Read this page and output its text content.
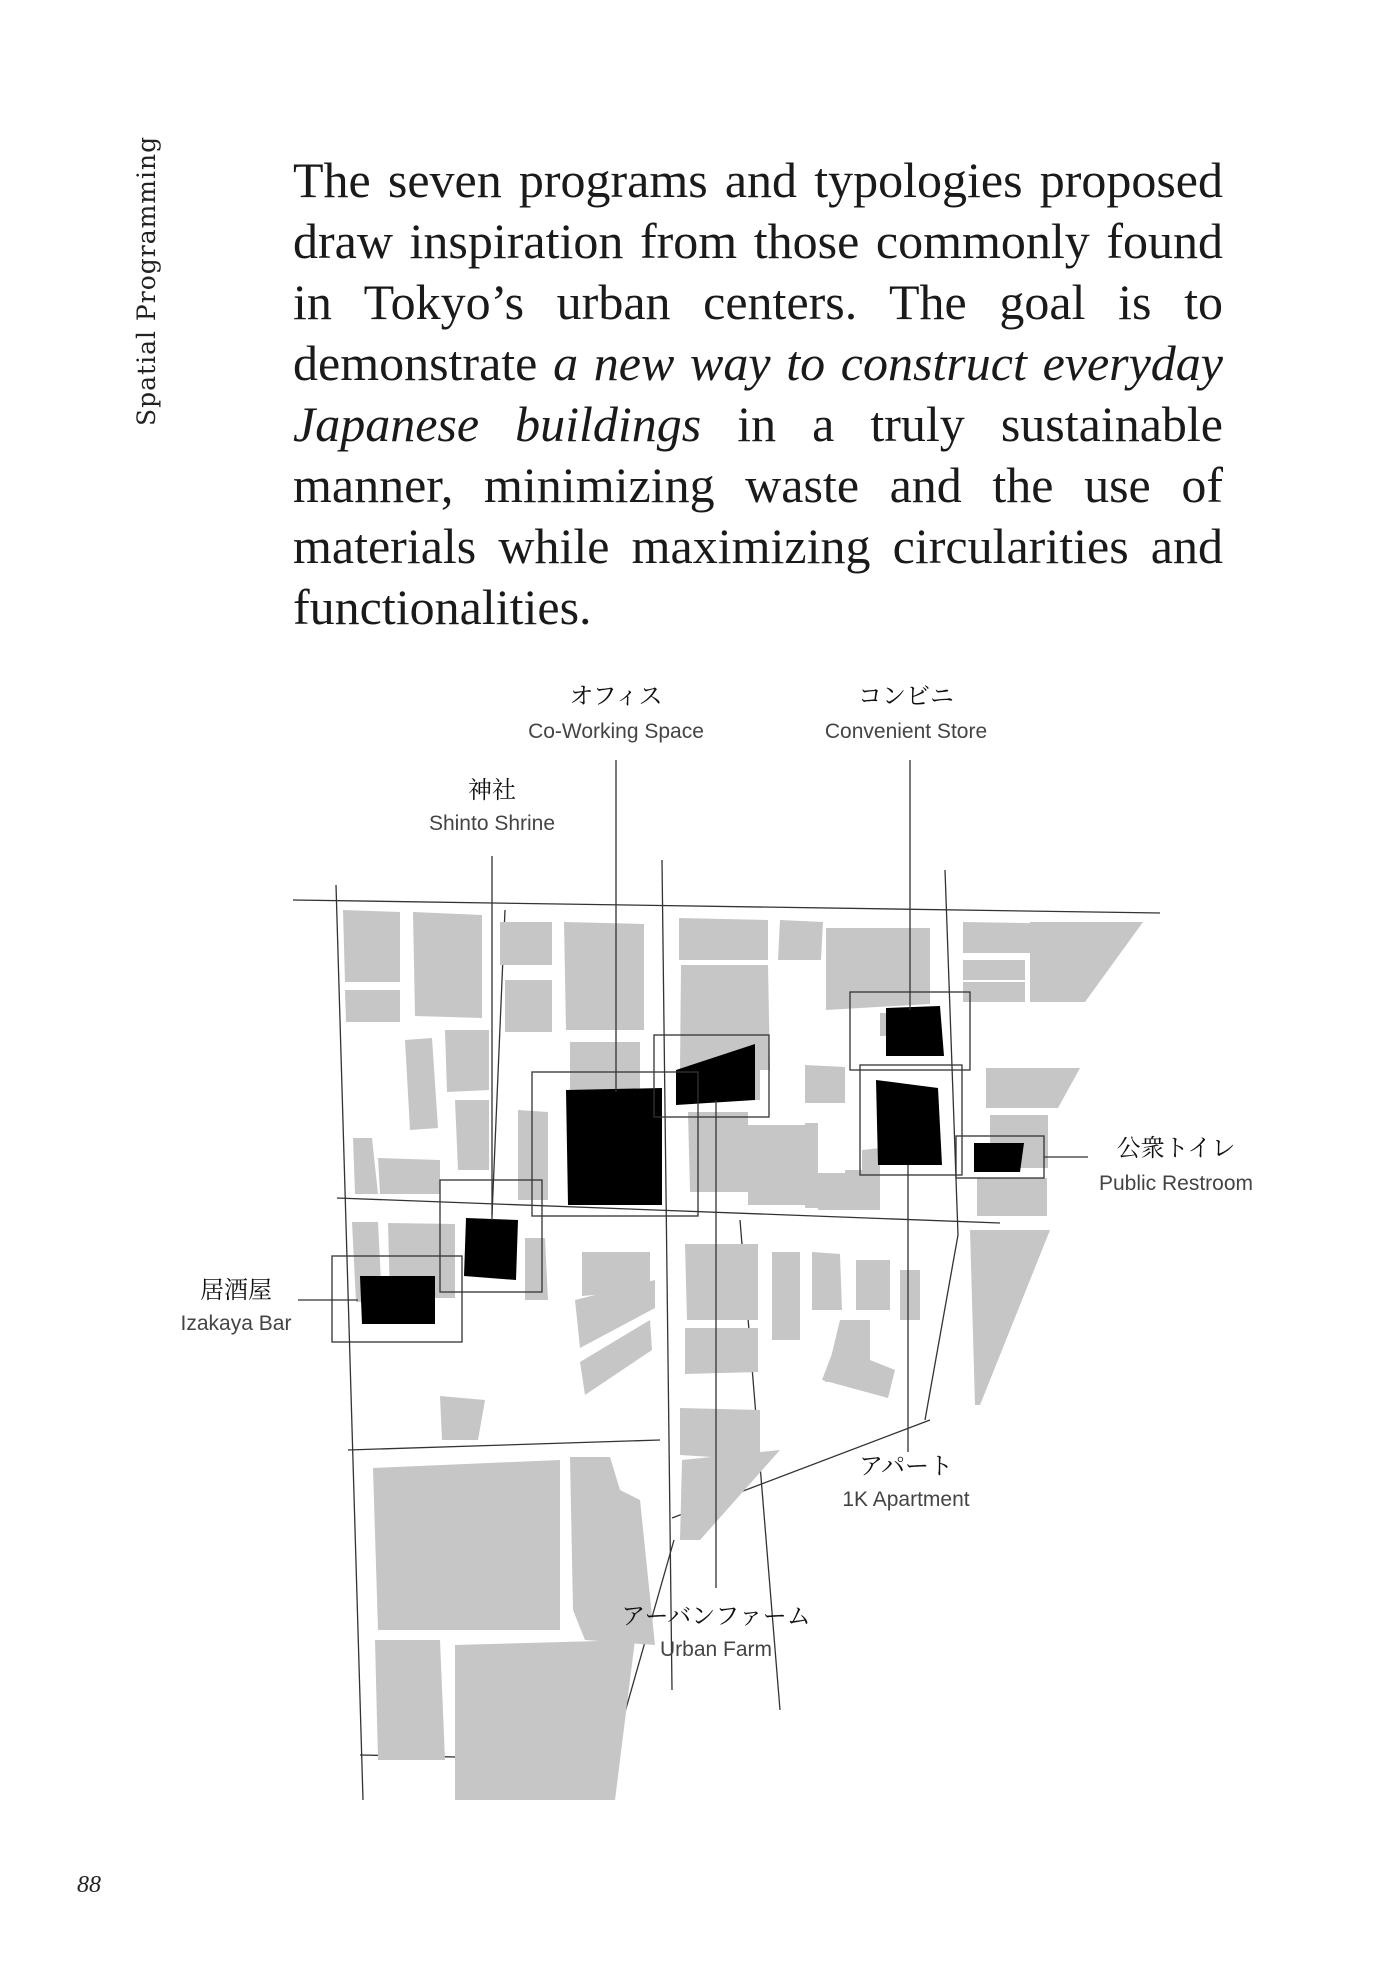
Spatial Programming	The seven programs and typologies proposed draw inspiration from those commonly found in Tokyo’s urban centers. The goal is to demonstrate a new way to construct everyday Japanese buildings in a truly sustainable manner, minimizing waste and the use of materials while maximizing circularities and functionalities.

オフィス
Co-Working Space
コンビニ
Convenient Store
神社
Shinto Shrine
公衆トイレ
Public Restroom
居酒屋
Izakaya Bar
アパート
1K Apartment
アーバンファーム
Urban Farm
88
